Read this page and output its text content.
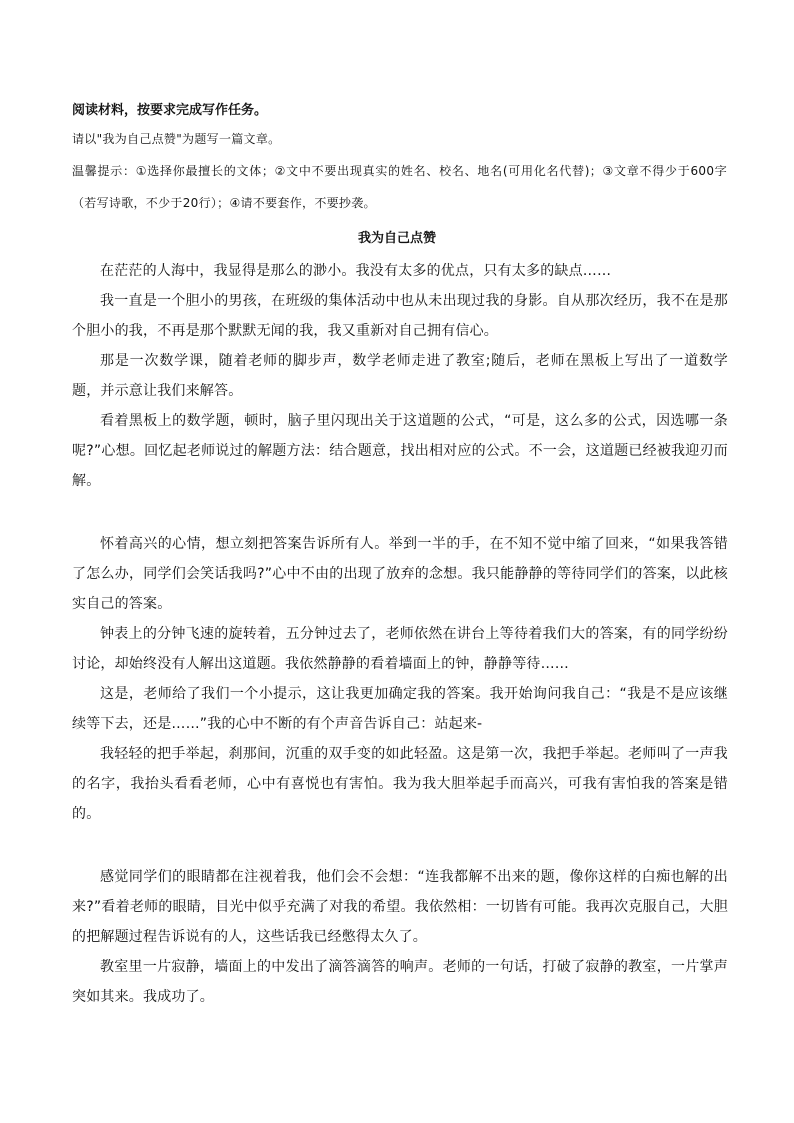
阅读材料，按要求完成写作任务。

请以"我为自己点赞"为题写一篇文章。

温馨提示：①选择你最擅长的文体；②文中不要出现真实的姓名、校名、地名(可用化名代替)；③文章不得少于600字（若写诗歌，不少于20行）；④请不要套作，不要抄袭。

我为自己点赞

在茫茫的人海中，我显得是那么的渺小。我没有太多的优点，只有太多的缺点……

我一直是一个胆小的男孩，在班级的集体活动中也从未出现过我的身影。自从那次经历，我不在是那个胆小的我，不再是那个默默无闻的我，我又重新对自己拥有信心。

那是一次数学课，随着老师的脚步声，数学老师走进了教室;随后，老师在黑板上写出了一道数学题，并示意让我们来解答。

看着黑板上的数学题，顿时，脑子里闪现出关于这道题的公式，“可是，这么多的公式，因选哪一条呢?”心想。回忆起老师说过的解题方法：结合题意，找出相对应的公式。不一会，这道题已经被我迎刃而解。

怀着高兴的心情，想立刻把答案告诉所有人。举到一半的手，在不知不觉中缩了回来，“如果我答错了怎么办，同学们会笑话我吗?”心中不由的出现了放弃的念想。我只能静静的等待同学们的答案，以此核实自己的答案。

钟表上的分钟飞速的旋转着，五分钟过去了，老师依然在讲台上等待着我们大的答案，有的同学纷纷讨论，却始终没有人解出这道题。我依然静静的看着墙面上的钟，静静等待……

这是，老师给了我们一个小提示，这让我更加确定我的答案。我开始询问我自己：“我是不是应该继续等下去，还是……”我的心中不断的有个声音告诉自己：站起来-

我轻轻的把手举起，刹那间，沉重的双手变的如此轻盈。这是第一次，我把手举起。老师叫了一声我的名字，我抬头看看老师，心中有喜悦也有害怕。我为我大胆举起手而高兴，可我有害怕我的答案是错的。

感觉同学们的眼睛都在注视着我，他们会不会想：“连我都解不出来的题，像你这样的白痴也解的出来?”看着老师的眼睛，目光中似乎充满了对我的希望。我依然相：一切皆有可能。我再次克服自己，大胆的把解题过程告诉说有的人，这些话我已经憋得太久了。

教室里一片寂静，墙面上的中发出了滴答滴答的响声。老师的一句话，打破了寂静的教室，一片掌声突如其来。我成功了。
